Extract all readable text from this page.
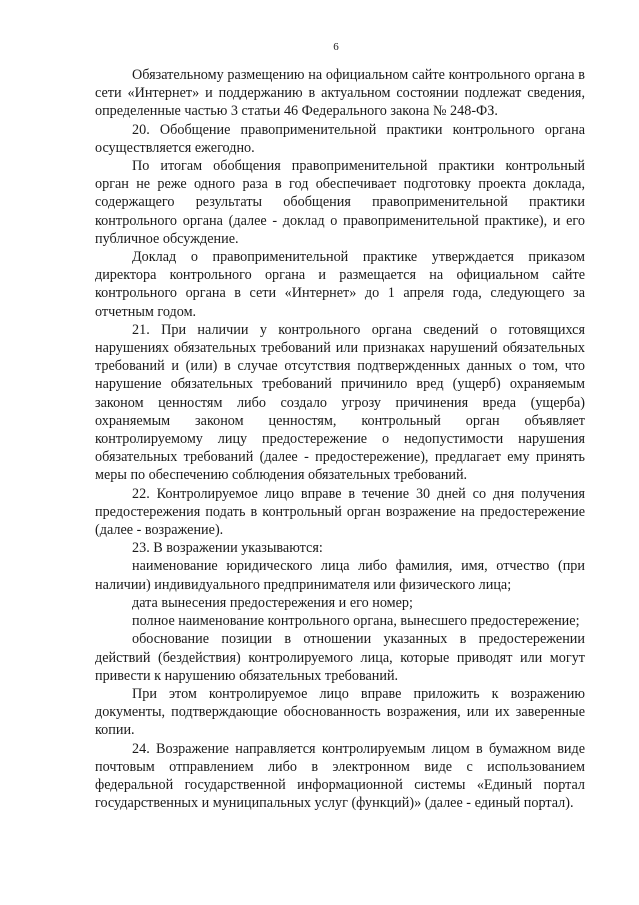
6

Обязательному размещению на официальном сайте контрольного органа в сети «Интернет» и поддержанию в актуальном состоянии подлежат сведения, определенные частью 3 статьи 46 Федерального закона № 248-ФЗ.

20. Обобщение правоприменительной практики контрольного органа осуществляется ежегодно.

По итогам обобщения правоприменительной практики контрольный орган не реже одного раза в год обеспечивает подготовку проекта доклада, содержащего результаты обобщения правоприменительной практики контрольного органа (далее - доклад о правоприменительной практике), и его публичное обсуждение.

Доклад о правоприменительной практике утверждается приказом директора контрольного органа и размещается на официальном сайте контрольного органа в сети «Интернет» до 1 апреля года, следующего за отчетным годом.

21. При наличии у контрольного органа сведений о готовящихся нарушениях обязательных требований или признаках нарушений обязательных требований и (или) в случае отсутствия подтвержденных данных о том, что нарушение обязательных требований причинило вред (ущерб) охраняемым законом ценностям либо создало угрозу причинения вреда (ущерба) охраняемым законом ценностям, контрольный орган объявляет контролируемому лицу предостережение о недопустимости нарушения обязательных требований (далее - предостережение), предлагает ему принять меры по обеспечению соблюдения обязательных требований.

22. Контролируемое лицо вправе в течение 30 дней со дня получения предостережения подать в контрольный орган возражение на предостережение (далее - возражение).

23. В возражении указываются:

наименование юридического лица либо фамилия, имя, отчество (при наличии) индивидуального предпринимателя или физического лица;

дата вынесения предостережения и его номер;

полное наименование контрольного органа, вынесшего предостережение;

обоснование позиции в отношении указанных в предостережении действий (бездействия) контролируемого лица, которые приводят или могут привести к нарушению обязательных требований.

При этом контролируемое лицо вправе приложить к возражению документы, подтверждающие обоснованность возражения, или их заверенные копии.

24. Возражение направляется контролируемым лицом в бумажном виде почтовым отправлением либо в электронном виде с использованием федеральной государственной информационной системы «Единый портал государственных и муниципальных услуг (функций)» (далее - единый портал).
